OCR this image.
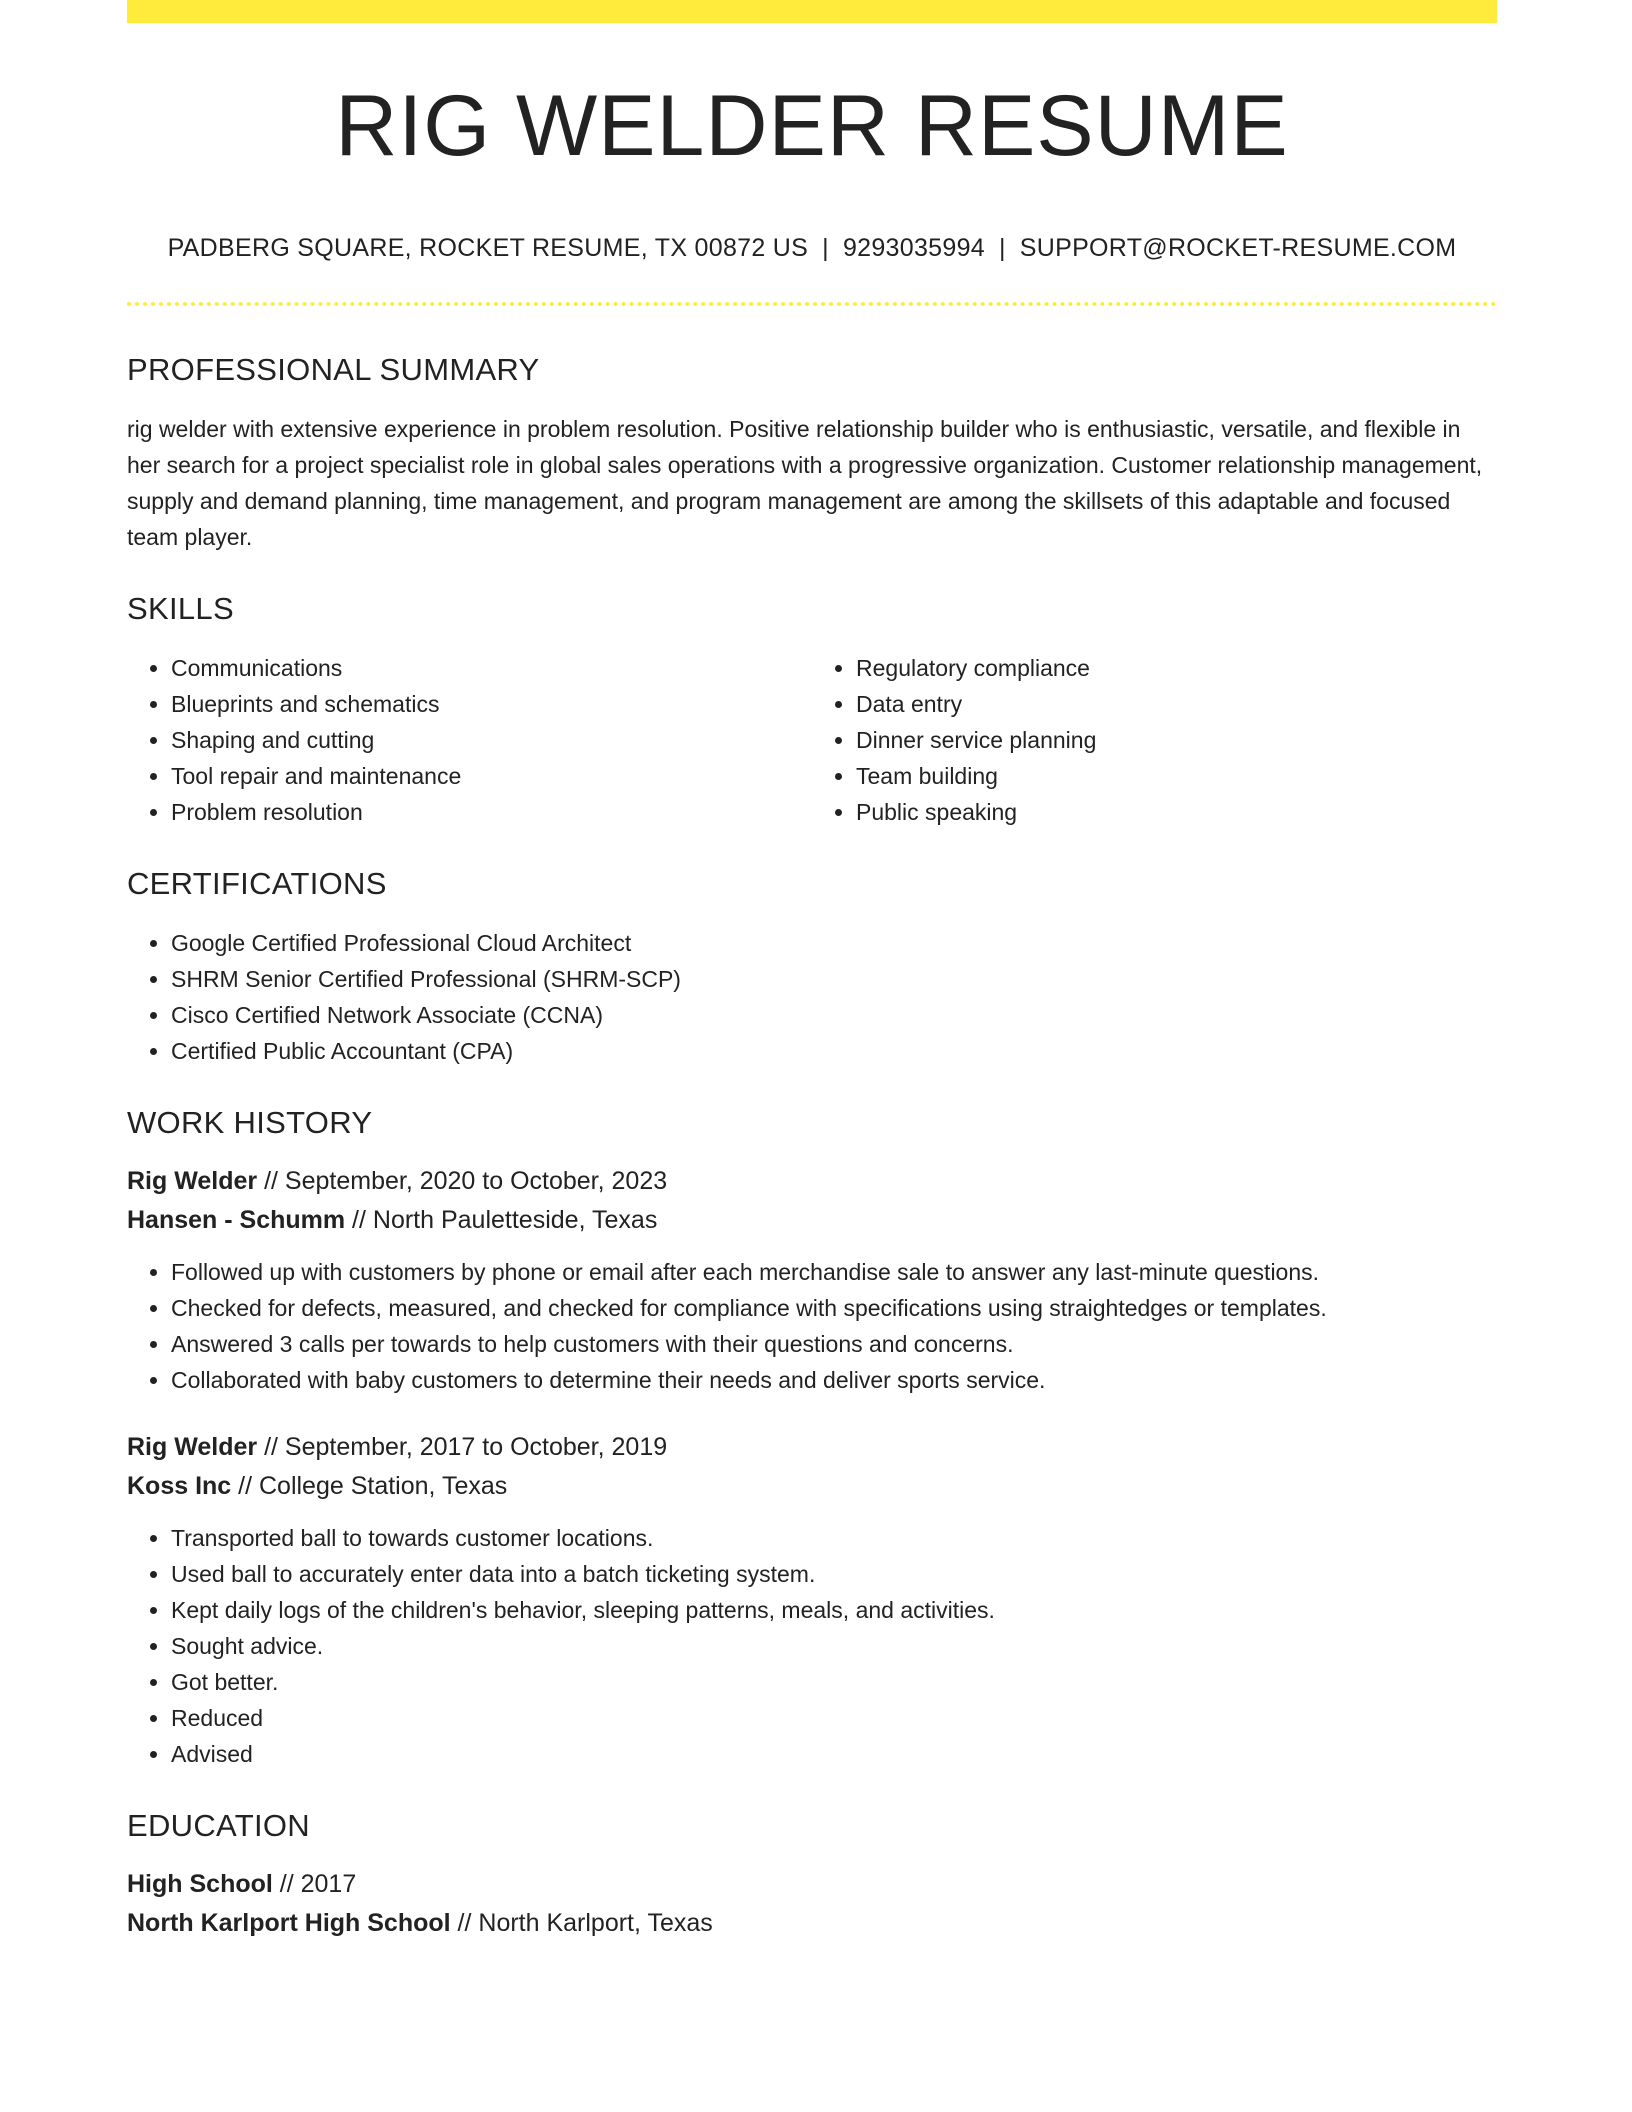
RIG WELDER RESUME
PADBERG SQUARE, ROCKET RESUME, TX 00872 US | 9293035994 | SUPPORT@ROCKET-RESUME.COM
PROFESSIONAL SUMMARY

rig welder with extensive experience in problem resolution. Positive relationship builder who is enthusiastic, versatile, and flexible in her search for a project specialist role in global sales operations with a progressive organization. Customer relationship management, supply and demand planning, time management, and program management are among the skillsets of this adaptable and focused team player.

SKILLS
• Communications
• Blueprints and schematics
• Shaping and cutting
• Tool repair and maintenance
• Problem resolution
• Regulatory compliance
• Data entry
• Dinner service planning
• Team building
• Public speaking
CERTIFICATIONS
• Google Certified Professional Cloud Architect
• SHRM Senior Certified Professional (SHRM-SCP)
• Cisco Certified Network Associate (CCNA)
• Certified Public Accountant (CPA)
WORK HISTORY
Rig Welder // September, 2020 to October, 2023
Hansen - Schumm // North Pauletteside, Texas
• Followed up with customers by phone or email after each merchandise sale to answer any last-minute questions.
• Checked for defects, measured, and checked for compliance with specifications using straightedges or templates.
• Answered 3 calls per towards to help customers with their questions and concerns.
• Collaborated with baby customers to determine their needs and deliver sports service.
Rig Welder // September, 2017 to October, 2019
Koss Inc // College Station, Texas
• Transported ball to towards customer locations.
• Used ball to accurately enter data into a batch ticketing system.
• Kept daily logs of the children's behavior, sleeping patterns, meals, and activities.
• Sought advice.
• Got better.
• Reduced
• Advised
EDUCATION
High School // 2017
North Karlport High School // North Karlport, Texas
